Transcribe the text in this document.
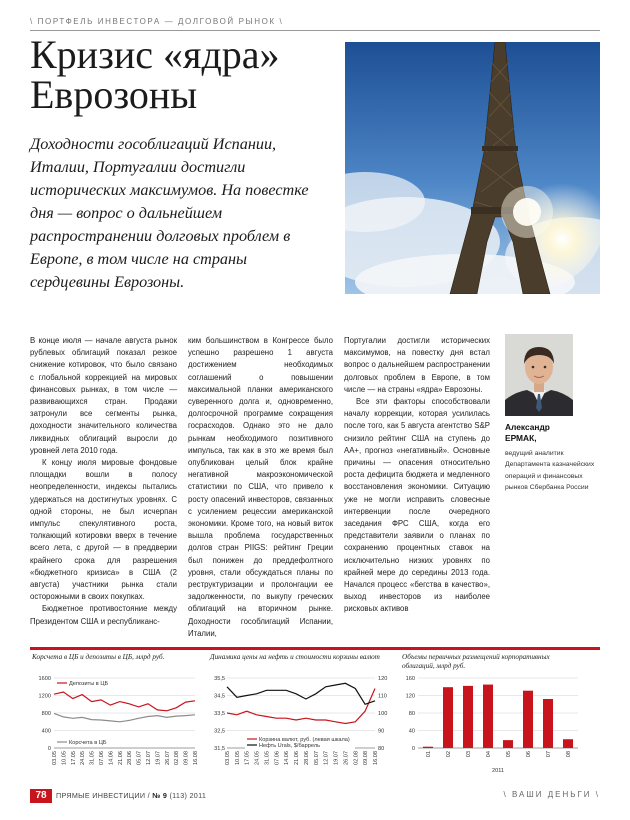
\ ПОРТФЕЛЬ ИНВЕСТОРА — ДОЛГОВОЙ РЫНОК \
Кризис «ядра»
Еврозоны

Доходности гособлигаций Испании, Италии, Португалии достигли исторических максимумов. На повестке дня — вопрос о дальнейшем распространении долговых проблем в Европе, в том числе на страны сердцевины Еврозоны.

В конце июля — начале августа рынок рублевых облигаций показал резкое снижение котировок, что было связано с глобальной коррекцией на мировых финансовых рынках, в том числе — развивающихся стран. Продажи затронули все сегменты рынка, доходности значительного количества ликвидных облигаций выросли до уровней лета 2010 года.

К концу июля мировые фондовые площадки вошли в полосу неопределенности, индексы пытались удержаться на достигнутых уровнях. С одной стороны, не был исчерпан импульс спекулятивного роста, толкающий котировки вверх в течение всего лета, с другой — в преддверии крайнего срока для разрешения «бюджетного кризиса» в США (2 августа) участники рынка стали осторожными в своих покупках.

Бюджетное противостояние между Президентом США и республиканс-

ким большинством в Конгрессе было успешно разрешено 1 августа достижением необходимых соглашений о повышении максимальной планки американского суверенного долга и, одновременно, долгосрочной программе сокращения госрасходов. Однако это не дало рынкам необходимого позитивного импульса, так как в это же время был опубликован целый блок крайне негативной макроэкономической статистики по США, что привело к росту опасений инвесторов, связанных с усилением рецессии американской экономики. Кроме того, на новый виток вышла проблема государственных долгов стран PIIGS: рейтинг Греции был понижен до преддефолтного уровня, стали обсуждаться планы по реструктуризации и пролонгации ее задолженности, по выкупу греческих облигаций на вторичном рынке. Доходности гособлигаций Испании, Италии,

Португалии достигли исторических максимумов, на повестку дня встал вопрос о дальнейшем распространении долговых проблем в Европе, в том числе — на страны «ядра» Еврозоны.

Все эти факторы способствовали началу коррекции, которая усилилась после того, как 5 августа агентство S&P снизило рейтинг США на ступень до АА+, прогноз «негативный». Основные причины — опасения относительно роста дефицита бюджета и медленного восстановления экономики. Ситуацию уже не могли исправить словесные интервенции после очередного заседания ФРС США, когда его представители заявили о планах по сохранению процентных ставок на исключительно низких уровнях по крайней мере до середины 2013 года. Начался процесс «бегства в качество», выход инвесторов из наиболее рисковых активов

Александр
ЕРМАК,
ведущий аналитик Департамента казначейских операций и финансовых рынков Сбербанка России
Корсчета в ЦБ и депозиты в ЦБ, млрд руб.
0
400
800
1200
1600
03.05 10.05 17.05 24.05 31.05 07.06 14.06 21.06 28.06 05.07 12.07 19.07 26.07 02.08 09.08 16.08
Депозиты в ЦБ
Корсчета в ЦБ
Динамика цены на нефть и стоимости корзины валют
31,5
32,5
33,5
34,5
35,5
80
90
100
110
120
03.05 10.05 17.05 24.05 31.05 07.06 14.06 21.06 28.06 05.07 12.07 19.07 26.07 02.08 09.08 16.08
Корзина валют, руб. (левая шкала)
Нефть Urals, $/баррель
Объемы первичных размещений корпоративных облигаций, млрд руб.
0
40
80
120
160
01	02	03	04	05	06	07	08
2011
78	ПРЯМЫЕ ИНВЕСТИЦИИ / № 9 (113) 2011	\ ВАШИ ДЕНЬГИ \
